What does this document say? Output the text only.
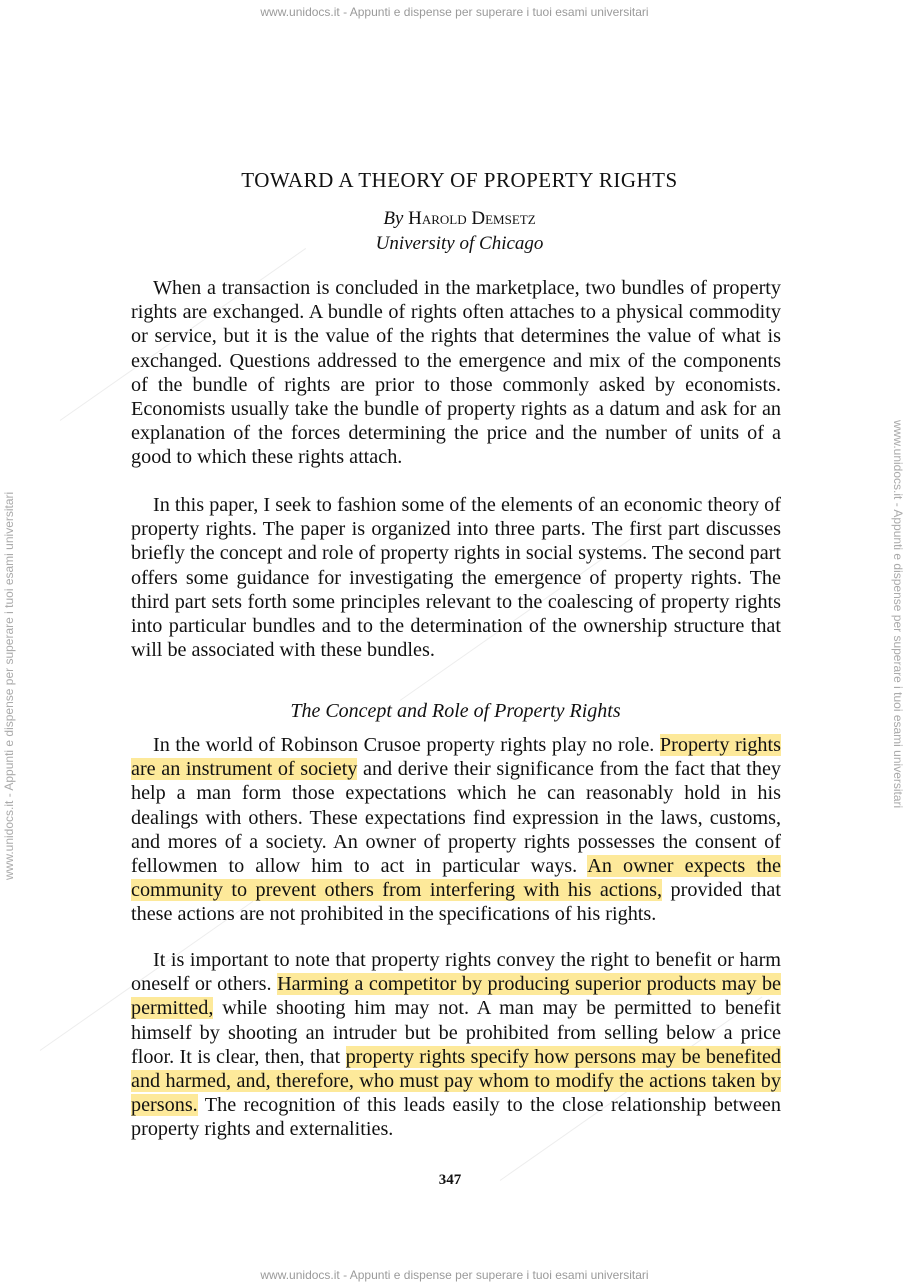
www.unidocs.it - Appunti e dispense per superare i tuoi esami universitari
www.unidocs.it - Appunti e dispense per superare i tuoi esami universitari	www.unidocs.it - Appunti e dispense per superare i tuoi esami universitari
TOWARD A THEORY OF PROPERTY RIGHTS
By Harold Demsetz
University of Chicago

When a transaction is concluded in the marketplace, two bundles of property rights are exchanged. A bundle of rights often attaches to a physical commodity or service, but it is the value of the rights that determines the value of what is exchanged. Questions addressed to the emergence and mix of the components of the bundle of rights are prior to those commonly asked by economists. Economists usually take the bundle of property rights as a datum and ask for an explanation of the forces determining the price and the number of units of a good to which these rights attach.

In this paper, I seek to fashion some of the elements of an economic theory of property rights. The paper is organized into three parts. The first part discusses briefly the concept and role of property rights in social systems. The second part offers some guidance for investigating the emergence of property rights. The third part sets forth some principles relevant to the coalescing of property rights into particular bundles and to the determination of the ownership structure that will be associated with these bundles.

The Concept and Role of Property Rights

In the world of Robinson Crusoe property rights play no role. Property rights are an instrument of society and derive their significance from the fact that they help a man form those expectations which he can reasonably hold in his dealings with others. These expectations find expression in the laws, customs, and mores of a society. An owner of property rights possesses the consent of fellowmen to allow him to act in particular ways. An owner expects the community to prevent others from interfering with his actions, provided that these actions are not prohibited in the specifications of his rights.

It is important to note that property rights convey the right to benefit or harm oneself or others. Harming a competitor by producing superior products may be permitted, while shooting him may not. A man may be permitted to benefit himself by shooting an intruder but be prohibited from selling below a price floor. It is clear, then, that property rights specify how persons may be benefited and harmed, and, therefore, who must pay whom to modify the actions taken by persons. The recognition of this leads easily to the close relationship between property rights and externalities.

347
www.unidocs.it - Appunti e dispense per superare i tuoi esami universitari
